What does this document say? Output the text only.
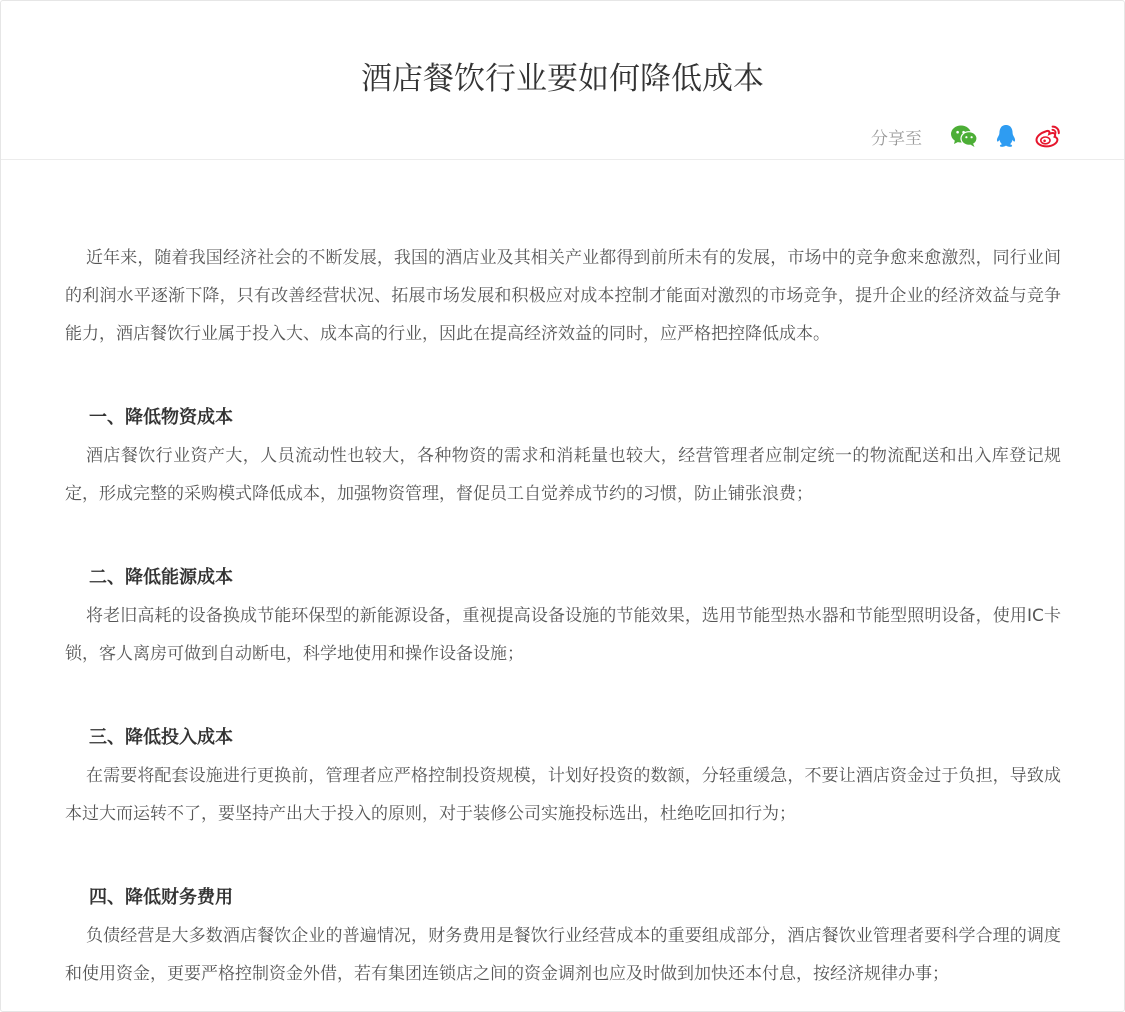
酒店餐饮行业要如何降低成本
分享至

近年来，随着我国经济社会的不断发展，我国的酒店业及其相关产业都得到前所未有的发展，市场中的竞争愈来愈激烈，同行业间的利润水平逐渐下降，只有改善经营状况、拓展市场发展和积极应对成本控制才能面对激烈的市场竞争，提升企业的经济效益与竞争能力，酒店餐饮行业属于投入大、成本高的行业，因此在提高经济效益的同时，应严格把控降低成本。

一、降低物资成本

酒店餐饮行业资产大，人员流动性也较大，各种物资的需求和消耗量也较大，经营管理者应制定统一的物流配送和出入库登记规定，形成完整的采购模式降低成本，加强物资管理，督促员工自觉养成节约的习惯，防止铺张浪费；

二、降低能源成本

将老旧高耗的设备换成节能环保型的新能源设备，重视提高设备设施的节能效果，选用节能型热水器和节能型照明设备，使用IC卡锁，客人离房可做到自动断电，科学地使用和操作设备设施；

三、降低投入成本

在需要将配套设施进行更换前，管理者应严格控制投资规模，计划好投资的数额，分轻重缓急，不要让酒店资金过于负担，导致成本过大而运转不了，要坚持产出大于投入的原则，对于装修公司实施投标选出，杜绝吃回扣行为；

四、降低财务费用

负债经营是大多数酒店餐饮企业的普遍情况，财务费用是餐饮行业经营成本的重要组成部分，酒店餐饮业管理者要科学合理的调度和使用资金，更要严格控制资金外借，若有集团连锁店之间的资金调剂也应及时做到加快还本付息，按经济规律办事；
